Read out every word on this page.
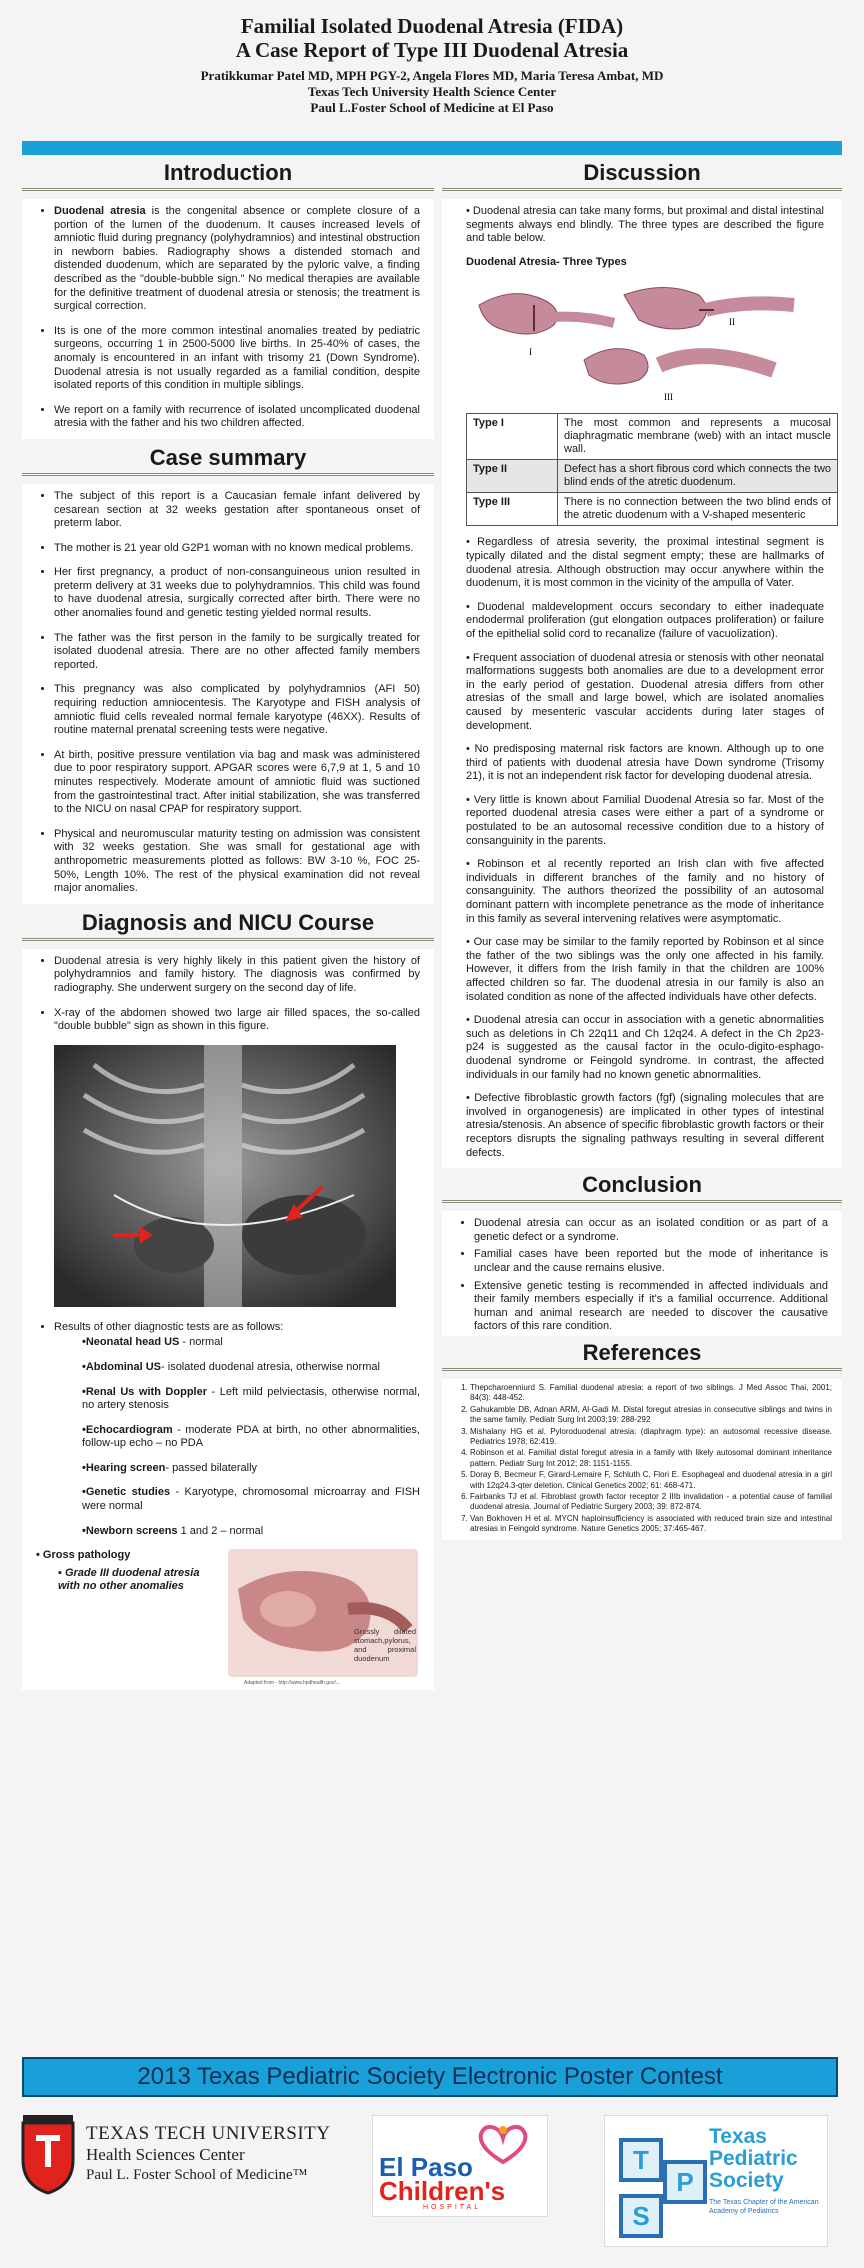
Familial Isolated Duodenal Atresia (FIDA)
A Case Report of Type III Duodenal Atresia
Pratikkumar Patel MD, MPH PGY-2, Angela Flores MD, Maria Teresa Ambat, MD
Texas Tech University Health Science Center
Paul L.Foster School of Medicine at El Paso
Introduction
• Duodenal atresia is the congenital absence or complete closure of a portion of the lumen of the duodenum. It causes increased levels of amniotic fluid during pregnancy (polyhydramnios) and intestinal obstruction in newborn babies. Radiography shows a distended stomach and distended duodenum, which are separated by the pyloric valve, a finding described as the "double-bubble sign." No medical therapies are available for the definitive treatment of duodenal atresia or stenosis; the treatment is surgical correction.
• Its is one of the more common intestinal anomalies treated by pediatric surgeons, occurring 1 in 2500-5000 live births. In 25-40% of cases, the anomaly is encountered in an infant with trisomy 21 (Down Syndrome). Duodenal atresia is not usually regarded as a familial condition, despite isolated reports of this condition in multiple siblings.
• We report on a family with recurrence of isolated uncomplicated duodenal atresia with the father and his two children affected.
Case summary
• The subject of this report is a Caucasian female infant delivered by cesarean section at 32 weeks gestation after spontaneous onset of preterm labor.
• The mother is 21 year old G2P1 woman with no known medical problems.
• Her first pregnancy, a product of non-consanguineous union resulted in preterm delivery at 31 weeks due to polyhydramnios. This child was found to have duodenal atresia, surgically corrected after birth. There were no other anomalies found and genetic testing yielded normal results.
• The father was the first person in the family to be surgically treated for isolated duodenal atresia. There are no other affected family members reported.
• This pregnancy was also complicated by polyhydramnios (AFI 50) requiring reduction amniocentesis. The Karyotype and FISH analysis of amniotic fluid cells revealed normal female karyotype (46XX). Results of routine maternal prenatal screening tests were negative.
• At birth, positive pressure ventilation via bag and mask was administered due to poor respiratory support. APGAR scores were 6,7,9 at 1, 5 and 10 minutes respectively. Moderate amount of amniotic fluid was suctioned from the gastrointestinal tract. After initial stabilization, she was transferred to the NICU on nasal CPAP for respiratory support.
• Physical and neuromuscular maturity testing on admission was consistent with 32 weeks gestation. She was small for gestational age with anthropometric measurements plotted as follows: BW 3-10 %, FOC 25-50%, Length 10%. The rest of the physical examination did not reveal major anomalies.
Diagnosis and NICU Course
• Duodenal atresia is very highly likely in this patient given the history of polyhydramnios and family history. The diagnosis was confirmed by radiography. She underwent surgery on the second day of life.
• X-ray of the abdomen showed two large air filled spaces, the so-called "double bubble" sign as shown in this figure.
• Results of other diagnostic tests are as follows:
•Neonatal head US - normal
•Abdominal US- isolated duodenal atresia, otherwise normal
•Renal Us with Doppler - Left mild pelviectasis, otherwise normal, no artery stenosis
•Echocardiogram - moderate PDA at birth, no other abnormalities, follow-up echo – no PDA
•Hearing screen- passed bilaterally
•Genetic studies - Karyotype, chromosomal microarray and FISH were normal
•Newborn screens 1 and 2 – normal
• Gross pathology
▪ Grade III duodenal atresia with no other anomalies
Grossly dilated stomach,pylorus, and proximal duodenum
Adapted from - http://www.hpdhealth.gov/...
Discussion
• Duodenal atresia can take many forms, but proximal and distal intestinal segments always end blindly. The three types are described the figure and table below.
Duodenal Atresia- Three Types
I
II
III
Type I	The most common and represents a mucosal diaphragmatic membrane (web) with an intact muscle wall.
Type II	Defect has a short fibrous cord which connects the two blind ends of the atretic duodenum.
Type III	There is no connection between the two blind ends of the atretic duodenum with a V-shaped mesenteric
• Regardless of atresia severity, the proximal intestinal segment is typically dilated and the distal segment empty; these are hallmarks of duodenal atresia. Although obstruction may occur anywhere within the duodenum, it is most common in the vicinity of the ampulla of Vater.
• Duodenal maldevelopment occurs secondary to either inadequate endodermal proliferation (gut elongation outpaces proliferation) or failure of the epithelial solid cord to recanalize (failure of vacuolization).
• Frequent association of duodenal atresia or stenosis with other neonatal malformations suggests both anomalies are due to a development error in the early period of gestation. Duodenal atresia differs from other atresias of the small and large bowel, which are isolated anomalies caused by mesenteric vascular accidents during later stages of development.
• No predisposing maternal risk factors are known. Although up to one third of patients with duodenal atresia have Down syndrome (Trisomy 21), it is not an independent risk factor for developing duodenal atresia.
• Very little is known about Familial Duodenal Atresia so far. Most of the reported duodenal atresia cases were either a part of a syndrome or postulated to be an autosomal recessive condition due to a history of consanguinity in the parents.
• Robinson et al recently reported an Irish clan with five affected individuals in different branches of the family and no history of consanguinity. The authors theorized the possibility of an autosomal dominant pattern with incomplete penetrance as the mode of inheritance in this family as several intervening relatives were asymptomatic.
• Our case may be similar to the family reported by Robinson et al since the father of the two siblings was the only one affected in his family. However, it differs from the Irish family in that the children are 100% affected children so far. The duodenal atresia in our family is also an isolated condition as none of the affected individuals have other defects.
• Duodenal atresia can occur in association with a genetic abnormalities such as deletions in Ch 22q11 and Ch 12q24. A defect in the Ch 2p23-p24 is suggested as the causal factor in the oculo-digito-esphago-duodenal syndrome or Feingold syndrome. In contrast, the affected individuals in our family had no known genetic abnormalities.
• Defective fibroblastic growth factors (fgf) (signaling molecules that are involved in organogenesis) are implicated in other types of intestinal atresia/stenosis. An absence of specific fibroblastic growth factors or their receptors disrupts the signaling pathways resulting in several different defects.
Conclusion
• Duodenal atresia can occur as an isolated condition or as part of a genetic defect or a syndrome.
• Familial cases have been reported but the mode of inheritance is unclear and the cause remains elusive.
• Extensive genetic testing is recommended in affected individuals and their family members especially if it's a familial occurrence. Additional human and animal research are needed to discover the causative factors of this rare condition.
References
1. Thepcharoenniurd S. Familial duodenal atresia: a report of two siblings. J Med Assoc Thai, 2001; 84(3): 448-452.
2. Gahukamble DB, Adnan ARM, Al-Gadi M. Distal foregut atresias in consecutive siblings and twins in the same family. Pediatr Surg Int 2003;19: 288-292
3. Mishalany HG et al. Pyloroduodenal atresia: (diaphragm type): an autosomal recessive disease. Pediatrics 1978; 62:419.
4. Robinson et al. Familial distal foregut atresia in a family with likely autosomal dominant inheritance pattern. Pediatr Surg Int 2012; 28: 1151-1155.
5. Doray B, Becmeur F, Girard-Lemaire F, Schluth C, Flori E. Esophageal and duodenal atresia in a girl with 12q24.3-qter deletion. Clinical Genetics 2002; 61: 468-471.
6. Fairbanks TJ et al. Fibroblast growth factor receptor 2 IIIb invalidation - a potential cause of familial duodenal atresia. Journal of Pediatric Surgery 2003; 39: 872-874.
7. Van Bokhoven H et al. MYCN haploinsufficiency is associated with reduced brain size and intestinal atresias in Feingold syndrome. Nature Genetics 2005; 37:465-467.
2013 Texas Pediatric Society Electronic Poster Contest
TEXAS TECH UNIVERSITY
Health Sciences Center
Paul L. Foster School of Medicine™	El Paso
Children's
HOSPITAL
T
P
S
Texas
Pediatric
Society
The Texas Chapter of the American Academy of Pediatrics
